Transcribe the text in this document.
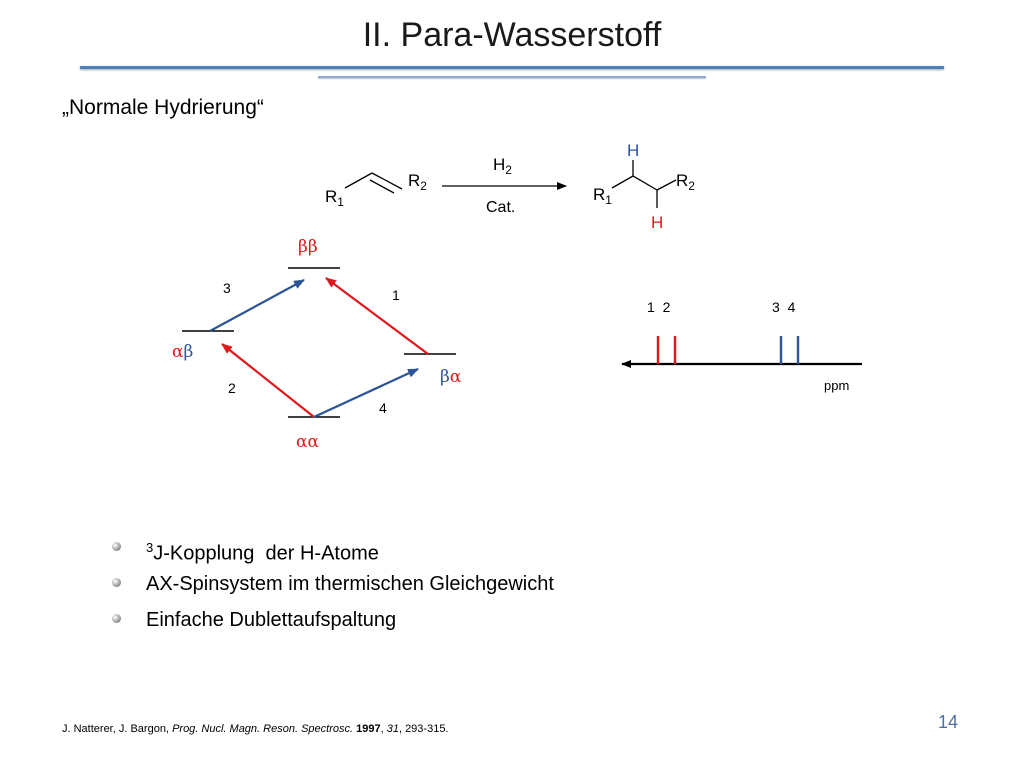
II. Para-Wasserstoff
„Normale Hydrierung“
$R_1$
$R_2$
$H_2$
Cat.
H
H
$R_1$
$R_2$
ββ
αβ
βα
αα
1
2
3
4
1  2	3  4
ppm
$^3$J-Kopplung  der H-Atome
AX-Spinsystem im thermischen Gleichgewicht
Einfache Dublettaufspaltung
J. Natterer, J. Bargon, Prog. Nucl. Magn. Reson. Spectrosc. 1997, 31, 293-315.	14
